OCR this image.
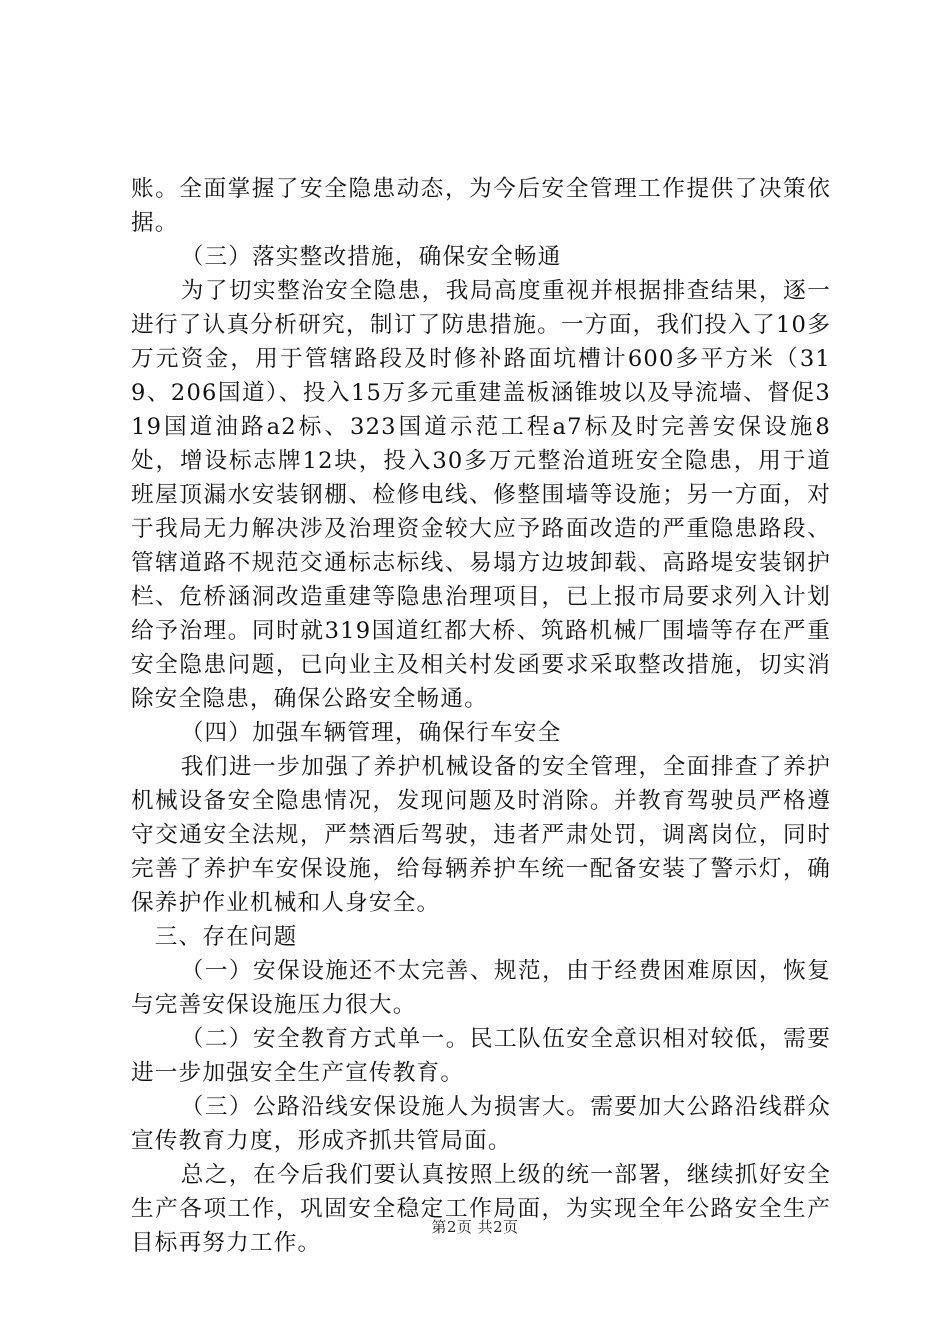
账。全面掌握了安全隐患动态，为今后安全管理工作提供了决策依据。

（三）落实整改措施，确保安全畅通

为了切实整治安全隐患，我局高度重视并根据排查结果，逐一进行了认真分析研究，制订了防患措施。一方面，我们投入了10多万元资金，用于管辖路段及时修补路面坑槽计600多平方米（319、206国道）、投入15万多元重建盖板涵锥坡以及导流墙、督促319国道油路a2标、323国道示范工程a7标及时完善安保设施8处，增设标志牌12块，投入30多万元整治道班安全隐患，用于道班屋顶漏水安装钢棚、检修电线、修整围墙等设施；另一方面，对于我局无力解决涉及治理资金较大应予路面改造的严重隐患路段、管辖道路不规范交通标志标线、易塌方边坡卸载、高路堤安装钢护栏、危桥涵洞改造重建等隐患治理项目，已上报市局要求列入计划给予治理。同时就319国道红都大桥、筑路机械厂围墙等存在严重安全隐患问题，已向业主及相关村发函要求采取整改措施，切实消除安全隐患，确保公路安全畅通。

（四）加强车辆管理，确保行车安全

我们进一步加强了养护机械设备的安全管理，全面排查了养护机械设备安全隐患情况，发现问题及时消除。并教育驾驶员严格遵守交通安全法规，严禁酒后驾驶，违者严肃处罚，调离岗位，同时完善了养护车安保设施，给每辆养护车统一配备安装了警示灯，确保养护作业机械和人身安全。

三、存在问题

（一）安保设施还不太完善、规范，由于经费困难原因，恢复与完善安保设施压力很大。

（二）安全教育方式单一。民工队伍安全意识相对较低，需要进一步加强安全生产宣传教育。

（三）公路沿线安保设施人为损害大。需要加大公路沿线群众宣传教育力度，形成齐抓共管局面。

总之，在今后我们要认真按照上级的统一部署，继续抓好安全生产各项工作，巩固安全稳定工作局面，为实现全年公路安全生产目标再努力工作。

第2页 共2页
